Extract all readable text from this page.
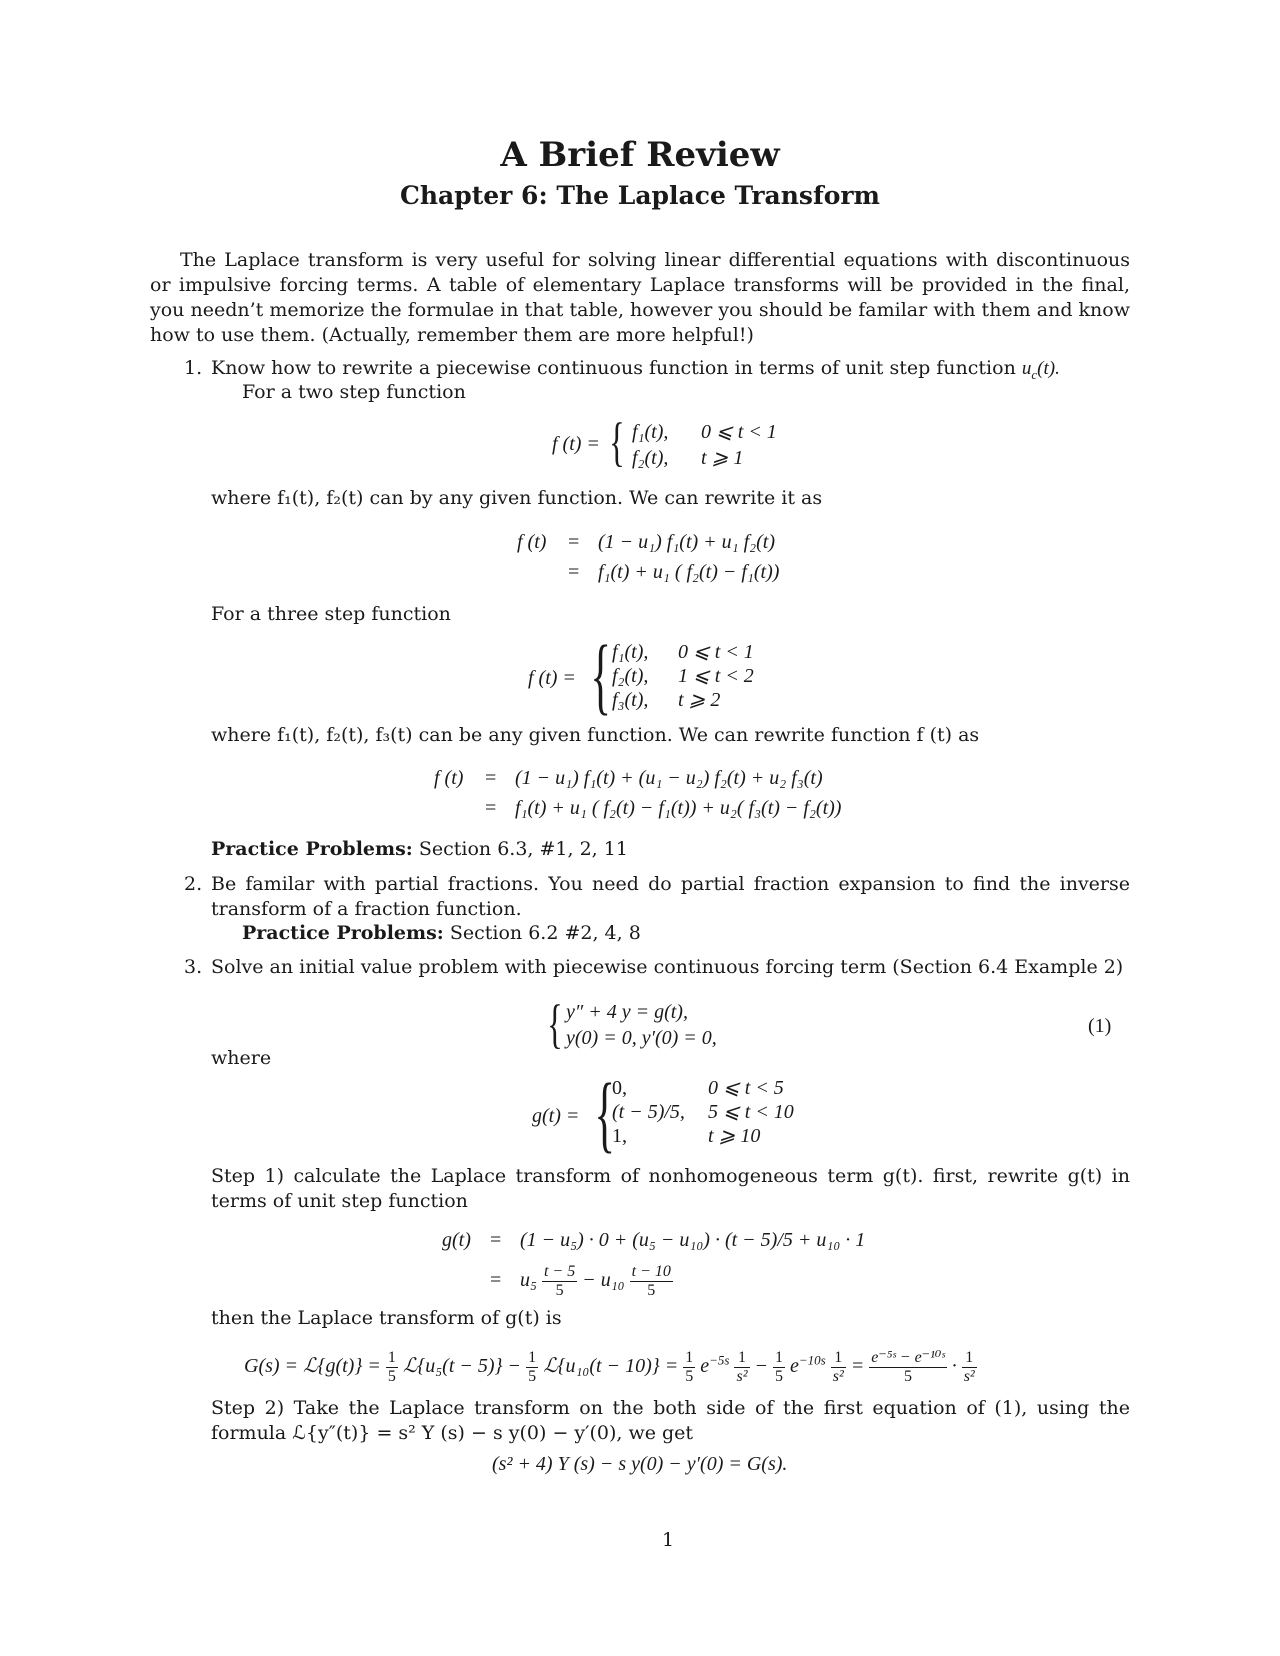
A Brief Review
Chapter 6: The Laplace Transform
The Laplace transform is very useful for solving linear differential equations with discontinuous or impulsive forcing terms. A table of elementary Laplace transforms will be provided in the final, you needn’t memorize the formulae in that table, however you should be familar with them and know how to use them. (Actually, remember them are more helpful!)
1. Know how to rewrite a piecewise continuous function in terms of unit step function $u_c(t)$.
For a two step function
f (t) = { f₁(t), 0 ⩽ t < 1
f₂(t), t ⩾ 1
where f₁(t), f₂(t) can by any given function. We can rewrite it as
f (t) = (1 − u₁) f₁(t) + u₁ f₂(t)
= f₁(t) + u₁ ( f₂(t) − f₁(t))
For a three step function
f (t) = { f₁(t), 0 ⩽ t < 1
f₂(t), 1 ⩽ t < 2
f₃(t), t ⩾ 2
where f₁(t), f₂(t), f₃(t) can be any given function. We can rewrite function f (t) as
f (t) = (1 − u₁) f₁(t) + (u₁ − u₂) f₂(t) + u₂ f₃(t)
= f₁(t) + u₁ ( f₂(t) − f₁(t)) + u₂( f₃(t) − f₂(t))
Practice Problems: Section 6.3, #1, 2, 11
2. Be familar with partial fractions. You need do partial fraction expansion to find the inverse transform of a fraction function.
Practice Problems: Section 6.2 #2, 4, 8
3. Solve an initial value problem with piecewise continuous forcing term (Section 6.4 Example 2)
{ y″ + 4 y = g(t),
y(0) = 0, y′(0) = 0,
(1)
where
g(t) = {
0,	0 ⩽ t < 5
(t − 5)/5, 5 ⩽ t < 10
1,	t ⩾ 10
Step 1) calculate the Laplace transform of nonhomogeneous term g(t). first, rewrite g(t) in terms of unit step function
g(t) = (1 − u₅) · 0 + (u₅ − u₁₀) · (t − 5)/5 + u₁₀ · 1
= $u_5 \frac{t - 5}{5} - u_{10} \frac{t - 10}{5}$
then the Laplace transform of g(t) is
G(s) = ℒ{g(t)} = $\frac{1}{5}$ ℒ{u₅(t − $5)\} - \frac{1}{5}$ ℒ{u₁₀(t − $10)\} = \frac{1}{5} e^{-5s} \frac{1}{\text{s²}} - \frac{1}{5} e^{-10s} \frac{1}{\text{s²}} = \frac{\text{e⁻⁵ˢ − e⁻¹⁰ˢ}}{5} \cdot \frac{1}{\text{s²}}$
Step 2) Take the Laplace transform on the both side of the first equation of (1), using the formula ℒ{y″(t)} = s² Y (s) − s y(0) − y′(0), we get
(s² + 4) Y (s) − s y(0) − y′(0) = G(s).
1
